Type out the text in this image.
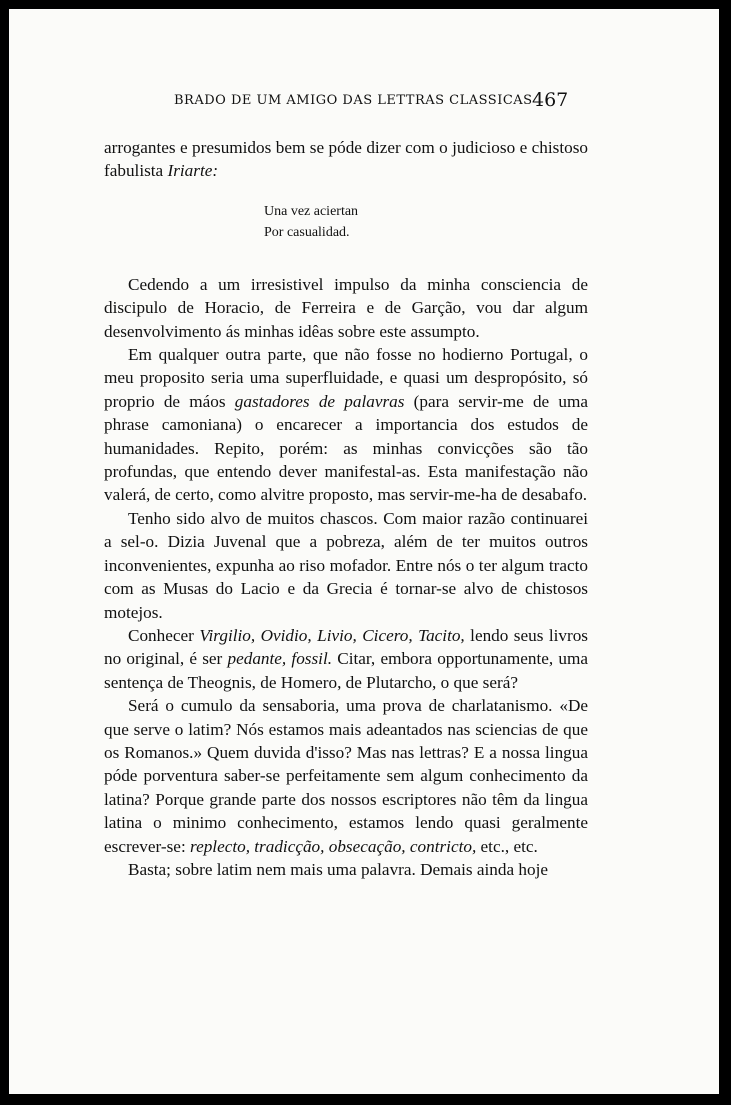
BRADO DE UM AMIGO DAS LETTRAS CLASSICAS 467

arrogantes e presumidos bem se póde dizer com o judicioso e chistoso fabulista Iriarte:

Una vez aciertan
Por casualidad.

Cedendo a um irresistivel impulso da minha consciencia de discipulo de Horacio, de Ferreira e de Garção, vou dar algum desenvolvimento ás minhas idêas sobre este assumpto.

Em qualquer outra parte, que não fosse no hodierno Portugal, o meu proposito seria uma superfluidade, e quasi um despropósito, só proprio de máos gastadores de palavras (para servir-me de uma phrase camoniana) o encarecer a importancia dos estudos de humanidades. Repito, porém: as minhas convicções são tão profundas, que entendo dever manifestal-as. Esta manifestação não valerá, de certo, como alvitre proposto, mas servir-me-ha de desabafo.

Tenho sido alvo de muitos chascos. Com maior razão continuarei a sel-o. Dizia Juvenal que a pobreza, além de ter muitos outros inconvenientes, expunha ao riso mofador. Entre nós o ter algum tracto com as Musas do Lacio e da Grecia é tornar-se alvo de chistosos motejos.

Conhecer Virgilio, Ovidio, Livio, Cicero, Tacito, lendo seus livros no original, é ser pedante, fossil. Citar, embora opportunamente, uma sentença de Theognis, de Homero, de Plutarcho, o que será?

Será o cumulo da sensaboria, uma prova de charlatanismo. «De que serve o latim? Nós estamos mais adeantados nas sciencias de que os Romanos.» Quem duvida d'isso? Mas nas lettras? E a nossa lingua póde porventura saber-se perfeitamente sem algum conhecimento da latina? Porque grande parte dos nossos escriptores não têm da lingua latina o minimo conhecimento, estamos lendo quasi geralmente escrever-se: replecto, tradicção, obsecação, contricto, etc., etc.

Basta; sobre latim nem mais uma palavra. Demais ainda hoje
